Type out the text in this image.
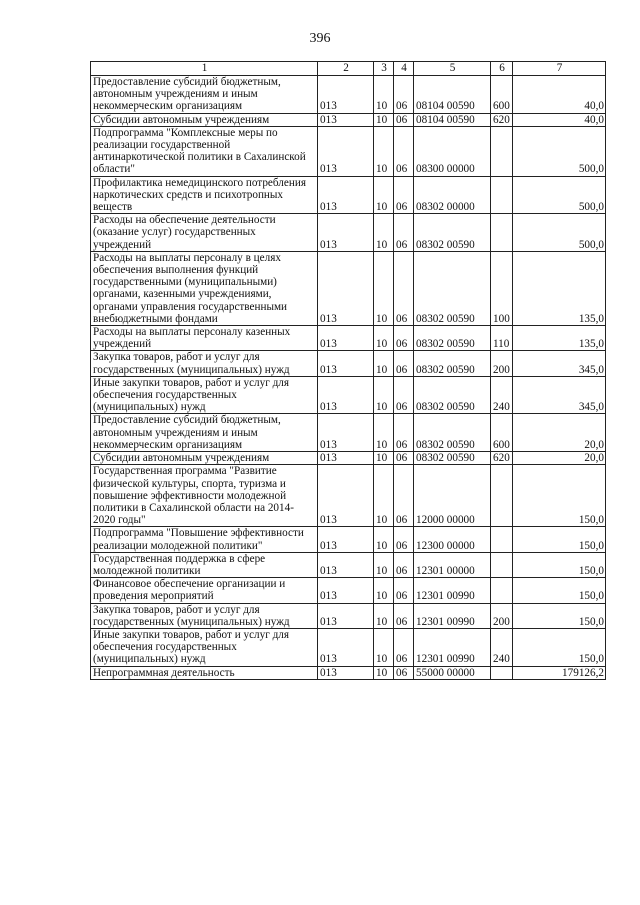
396
1	2	3	4	5	6	7
Предоставление субсидий бюджетным, автономным учреждениям и иным некоммерческим организациям	013	10	06	08104 00590	600	40,0
Субсидии автономным учреждениям	013	10	06	08104 00590	620	40,0
Подпрограмма "Комплексные меры по реализации государственной антинаркотической политики в Сахалинской области"	013	10	06	08300 00000		500,0
Профилактика немедицинского потребления наркотических средств и психотропных веществ	013	10	06	08302 00000		500,0
Расходы на обеспечение деятельности (оказание услуг) государственных учреждений	013	10	06	08302 00590		500,0
Расходы на выплаты персоналу в целях обеспечения выполнения функций государственными (муниципальными) органами, казенными учреждениями, органами управления государственными внебюджетными фондами	013	10	06	08302 00590	100	135,0
Расходы на выплаты персоналу казенных учреждений	013	10	06	08302 00590	110	135,0
Закупка товаров, работ и услуг для государственных (муниципальных) нужд	013	10	06	08302 00590	200	345,0
Иные закупки товаров, работ и услуг для обеспечения государственных (муниципальных) нужд	013	10	06	08302 00590	240	345,0
Предоставление субсидий бюджетным, автономным учреждениям и иным некоммерческим организациям	013	10	06	08302 00590	600	20,0
Субсидии автономным учреждениям	013	10	06	08302 00590	620	20,0
Государственная программа "Развитие физической культуры, спорта, туризма и повышение эффективности молодежной политики в Сахалинской области на 2014-2020 годы"	013	10	06	12000 00000		150,0
Подпрограмма "Повышение эффективности реализации молодежной политики"	013	10	06	12300 00000		150,0
Государственная поддержка в сфере молодежной политики	013	10	06	12301 00000		150,0
Финансовое обеспечение организации и проведения мероприятий	013	10	06	12301 00990		150,0
Закупка товаров, работ и услуг для государственных (муниципальных) нужд	013	10	06	12301 00990	200	150,0
Иные закупки товаров, работ и услуг для обеспечения государственных (муниципальных) нужд	013	10	06	12301 00990	240	150,0
Непрограммная деятельность	013	10	06	55000 00000		179126,2
